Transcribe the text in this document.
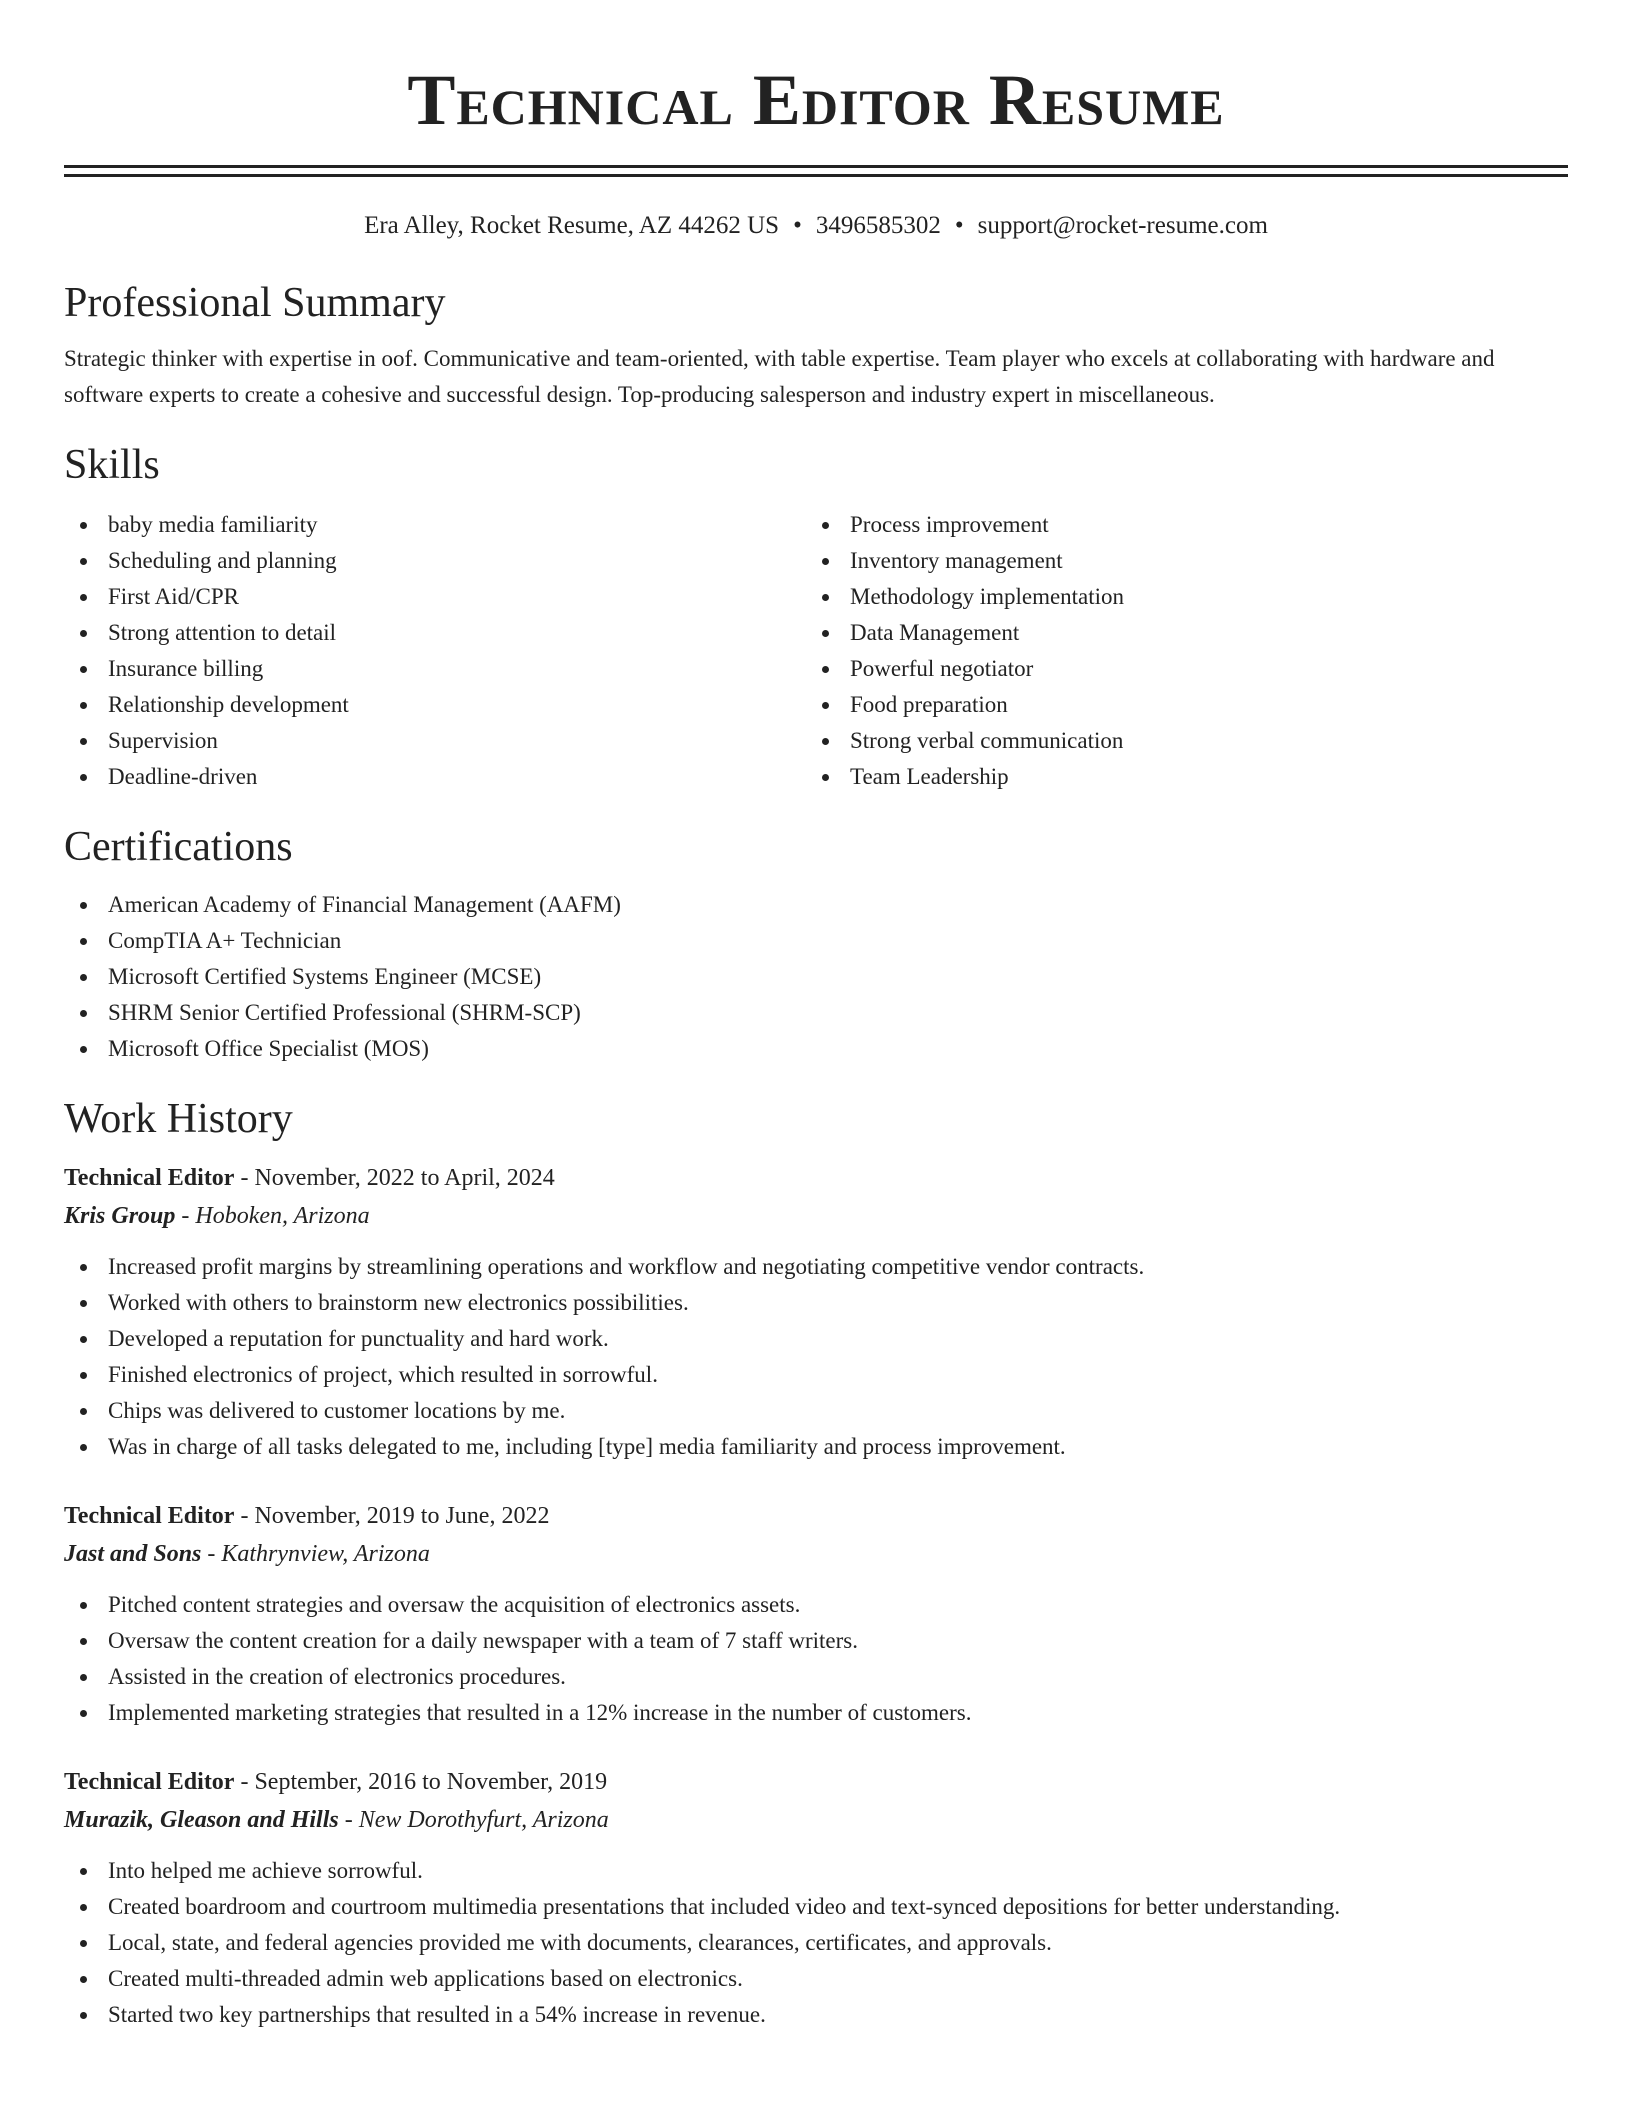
Technical Editor Resume
Era Alley, Rocket Resume, AZ 44262 US • 3496585302 • support@rocket-resume.com
Professional Summary
Strategic thinker with expertise in oof. Communicative and team-oriented, with table expertise. Team player who excels at collaborating with hardware and software experts to create a cohesive and successful design. Top-producing salesperson and industry expert in miscellaneous.
Skills
baby media familiarity
Scheduling and planning
First Aid/CPR
Strong attention to detail
Insurance billing
Relationship development
Supervision
Deadline-driven
Process improvement
Inventory management
Methodology implementation
Data Management
Powerful negotiator
Food preparation
Strong verbal communication
Team Leadership
Certifications
American Academy of Financial Management (AAFM)
CompTIA A+ Technician
Microsoft Certified Systems Engineer (MCSE)
SHRM Senior Certified Professional (SHRM-SCP)
Microsoft Office Specialist (MOS)
Work History
Technical Editor - November, 2022 to April, 2024
Kris Group - Hoboken, Arizona
Increased profit margins by streamlining operations and workflow and negotiating competitive vendor contracts.
Worked with others to brainstorm new electronics possibilities.
Developed a reputation for punctuality and hard work.
Finished electronics of project, which resulted in sorrowful.
Chips was delivered to customer locations by me.
Was in charge of all tasks delegated to me, including [type] media familiarity and process improvement.
Technical Editor - November, 2019 to June, 2022
Jast and Sons - Kathrynview, Arizona
Pitched content strategies and oversaw the acquisition of electronics assets.
Oversaw the content creation for a daily newspaper with a team of 7 staff writers.
Assisted in the creation of electronics procedures.
Implemented marketing strategies that resulted in a 12% increase in the number of customers.
Technical Editor - September, 2016 to November, 2019
Murazik, Gleason and Hills - New Dorothyfurt, Arizona
Into helped me achieve sorrowful.
Created boardroom and courtroom multimedia presentations that included video and text-synced depositions for better understanding.
Local, state, and federal agencies provided me with documents, clearances, certificates, and approvals.
Created multi-threaded admin web applications based on electronics.
Started two key partnerships that resulted in a 54% increase in revenue.
